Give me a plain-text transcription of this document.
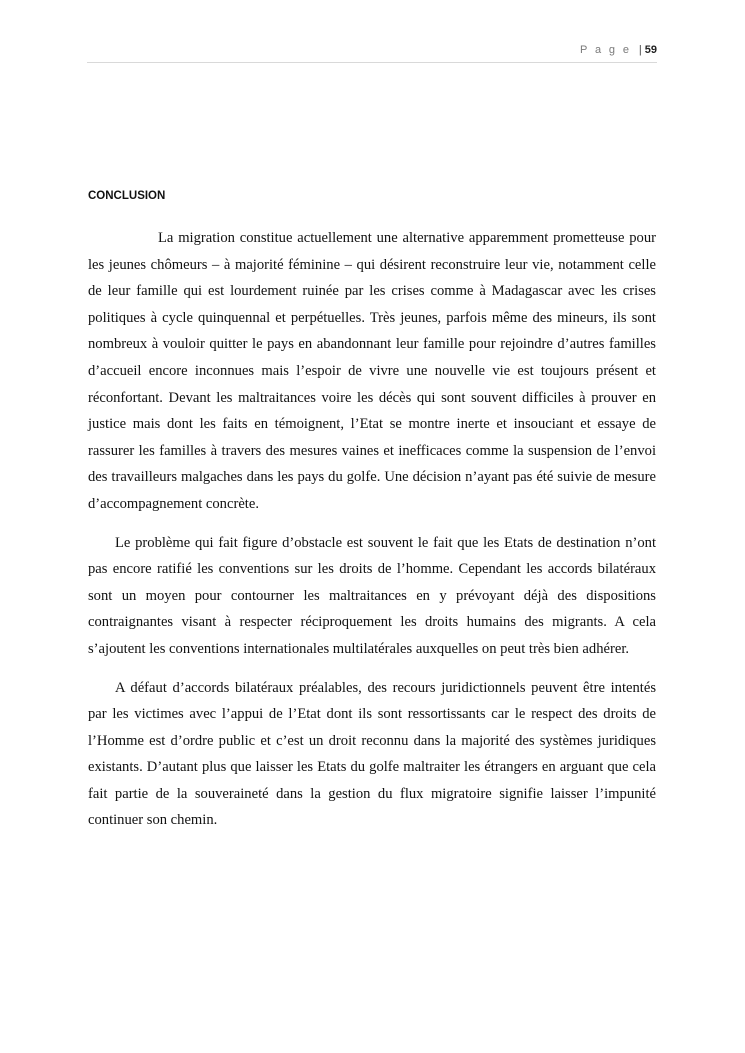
P a g e | 59
CONCLUSION

La migration constitue actuellement une alternative apparemment prometteuse pour les jeunes chômeurs – à majorité féminine – qui désirent reconstruire leur vie, notamment celle de leur famille qui est lourdement ruinée par les crises comme à Madagascar avec les crises politiques à cycle quinquennal et perpétuelles. Très jeunes, parfois même des mineurs, ils sont nombreux à vouloir quitter le pays en abandonnant leur famille pour rejoindre d’autres familles d’accueil encore inconnues mais l’espoir de vivre une nouvelle vie est toujours présent et réconfortant. Devant les maltraitances voire les décès qui sont souvent difficiles à prouver en justice mais dont les faits en témoignent, l’Etat se montre inerte et insouciant et essaye de rassurer les familles à travers des mesures vaines et inefficaces comme la suspension de l’envoi des travailleurs malgaches dans les pays du golfe. Une décision n’ayant pas été suivie de mesure d’accompagnement concrète.

Le problème qui fait figure d’obstacle est souvent le fait que les Etats de destination n’ont pas encore ratifié les conventions sur les droits de l’homme. Cependant les accords bilatéraux sont un moyen pour contourner les maltraitances en y prévoyant déjà des dispositions contraignantes visant à respecter réciproquement les droits humains des migrants. A cela s’ajoutent les conventions internationales multilatérales auxquelles on peut très bien adhérer.

A défaut d’accords bilatéraux préalables, des recours juridictionnels peuvent être intentés par les victimes avec l’appui de l’Etat dont ils sont ressortissants car le respect des droits de l’Homme est d’ordre public et c’est un droit reconnu dans la majorité des systèmes juridiques existants. D’autant plus que laisser les Etats du golfe maltraiter les étrangers en arguant que cela fait partie de la souveraineté dans la gestion du flux migratoire signifie laisser l’impunité continuer son chemin.
